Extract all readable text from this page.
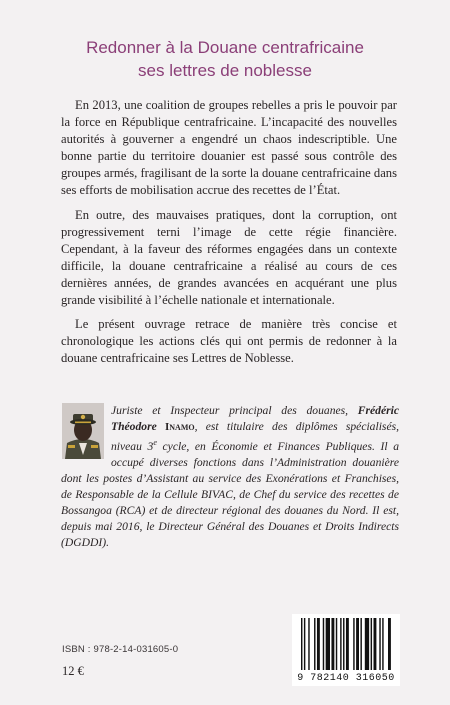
Redonner à la Douane centrafricaine
ses lettres de noblesse

En 2013, une coalition de groupes rebelles a pris le pouvoir par la force en République centrafricaine. L’incapacité des nouvelles autorités à gouverner a engendré un chaos indescriptible. Une bonne partie du territoire douanier est passé sous contrôle des groupes armés, fragilisant de la sorte la douane centrafricaine dans ses efforts de mobilisation accrue des recettes de l’État.

En outre, des mauvaises pratiques, dont la corruption, ont progressivement terni l’image de cette régie financière. Cependant, à la faveur des réformes engagées dans un contexte difficile, la douane centrafricaine a réalisé au cours de ces dernières années, de grandes avancées en acquérant une plus grande visibilité à l’échelle nationale et internationale.

Le présent ouvrage retrace de manière très concise et chronologique les actions clés qui ont permis de redonner à la douane centrafricaine ses Lettres de Noblesse.

Juriste et Inspecteur principal des douanes, Frédéric Théodore Inamo, est titulaire des diplômes spécialisés, niveau 3e cycle, en Économie et Finances Publiques. Il a occupé diverses fonctions dans l’Administration douanière dont les postes d’Assistant au service des Exonérations et Franchises, de Responsable de la Cellule BIVAC, de Chef du service des recettes de Bossangoa (RCA) et de directeur régional des douanes du Nord. Il est, depuis mai 2016, le Directeur Général des Douanes et Droits Indirects (DGDDI).

ISBN : 978-2-14-031605-0
12 €
9 782140 316050
